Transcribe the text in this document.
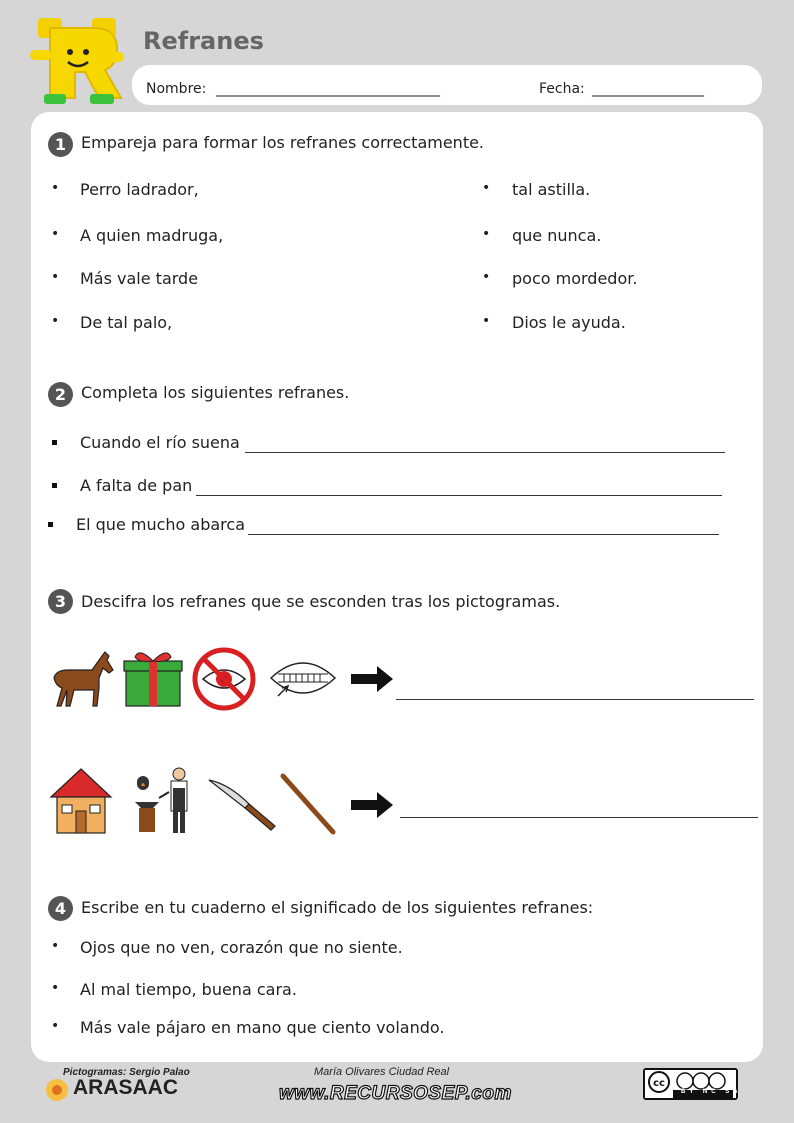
Refranes
Nombre: ________________________________	Fecha: ________________
1 Empareja para formar los refranes correctamente.
• Perro ladrador,
• A quien madruga,
• Más vale tarde
• De tal palo,
• tal astilla.
• que nunca.
• poco mordedor.
• Dios le ayuda.
2 Completa los siguientes refranes.
Cuando el río suena
A falta de pan
El que mucho abarca
3 Descifra los refranes que se esconden tras los pictogramas.
4 Escribe en tu cuaderno el significado de los siguientes refranes:
• Ojos que no ven, corazón que no siente.
• Al mal tiempo, buena cara.
• Más vale pájaro en mano que ciento volando.
Pictogramas: Sergio Palao
ARASAAC
María Olivares Ciudad Real
www.RECURSOSEP.com	cc
BY NC SA
